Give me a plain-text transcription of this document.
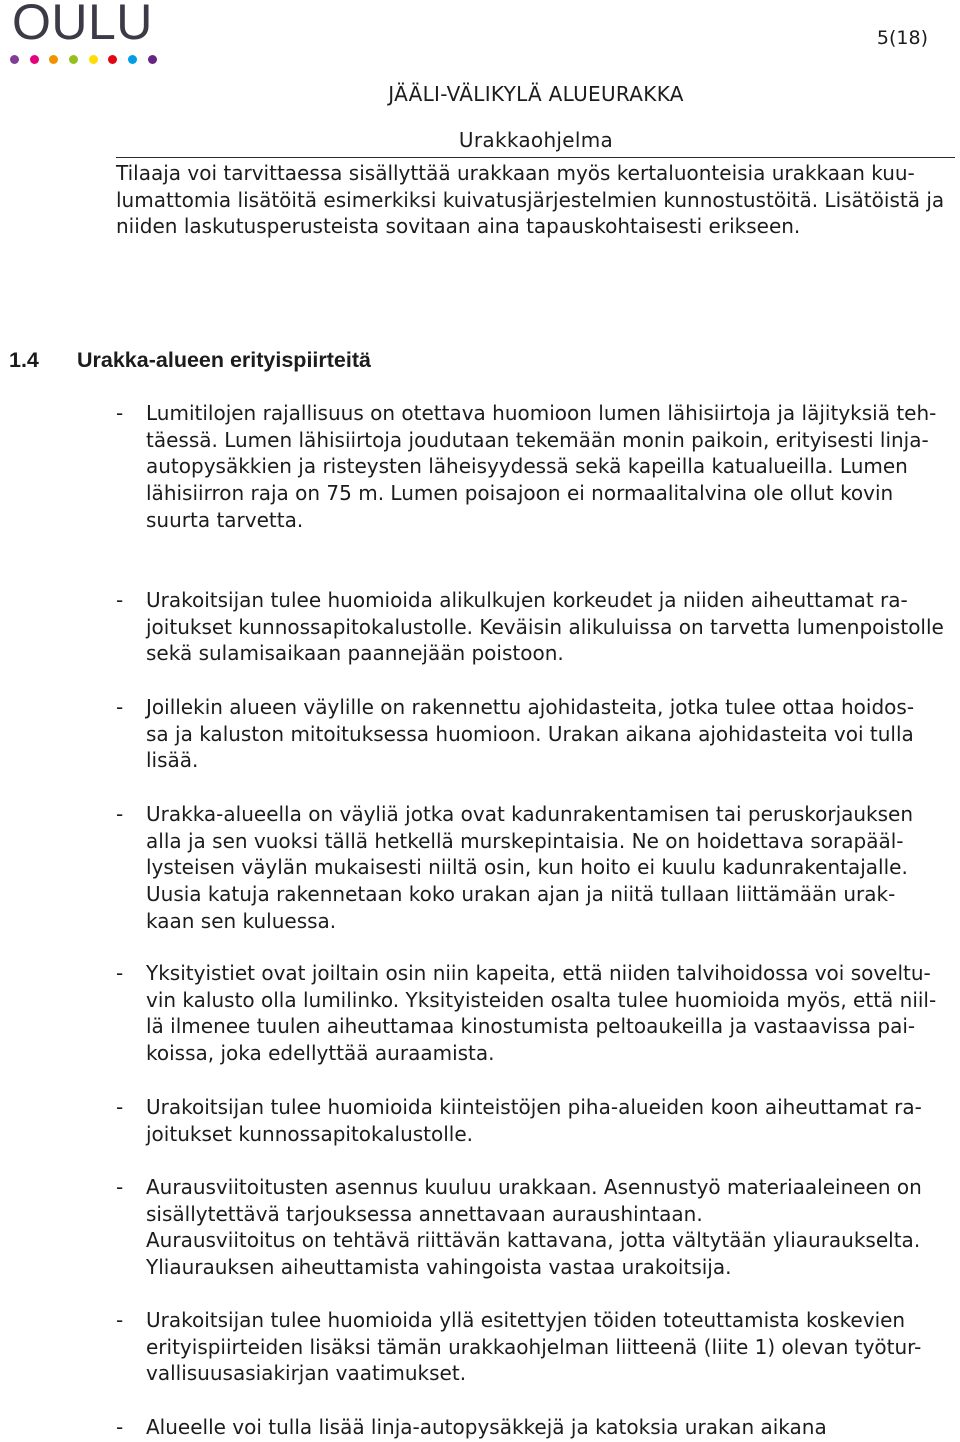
OULU	5(18)
JÄÄLI-VÄLIKYLÄ ALUEURAKKA
Urakkaohjelma
Tilaaja voi tarvittaessa sisällyttää urakkaan myös kertaluonteisia urakkaan kuu-
lumattomia lisätöitä esimerkiksi kuivatusjärjestelmien kunnostustöitä. Lisätöistä ja
niiden laskutusperusteista sovitaan aina tapauskohtaisesti erikseen.
1.4 Urakka-alueen erityispiirteitä
- Lumitilojen rajallisuus on otettava huomioon lumen lähisiirtoja ja läjityksiä teh-
täessä. Lumen lähisiirtoja joudutaan tekemään monin paikoin, erityisesti linja-
autopysäkkien ja risteysten läheisyydessä sekä kapeilla katualueilla. Lumen
lähisiirron raja on 75 m. Lumen poisajoon ei normaalitalvina ole ollut kovin
suurta tarvetta.
- Urakoitsijan tulee huomioida alikulkujen korkeudet ja niiden aiheuttamat ra-
joitukset kunnossapitokalustolle. Keväisin alikuluissa on tarvetta lumenpoistolle
sekä sulamisaikaan paannejään poistoon.
- Joillekin alueen väylille on rakennettu ajohidasteita, jotka tulee ottaa hoidos-
sa ja kaluston mitoituksessa huomioon. Urakan aikana ajohidasteita voi tulla
lisää.
- Urakka-alueella on väyliä jotka ovat kadunrakentamisen tai peruskorjauksen
alla ja sen vuoksi tällä hetkellä murskepintaisia. Ne on hoidettava sorapääl-
lysteisen väylän mukaisesti niiltä osin, kun hoito ei kuulu kadunrakentajalle.
Uusia katuja rakennetaan koko urakan ajan ja niitä tullaan liittämään urak-
kaan sen kuluessa.
- Yksityistiet ovat joiltain osin niin kapeita, että niiden talvihoidossa voi soveltu-
vin kalusto olla lumilinko. Yksityisteiden osalta tulee huomioida myös, että niil-
lä ilmenee tuulen aiheuttamaa kinostumista peltoaukeilla ja vastaavissa pai-
koissa, joka edellyttää auraamista.
- Urakoitsijan tulee huomioida kiinteistöjen piha-alueiden koon aiheuttamat ra-
joitukset kunnossapitokalustolle.
- Aurausviitoitusten asennus kuuluu urakkaan. Asennustyö materiaaleineen on
sisällytettävä tarjouksessa annettavaan auraushintaan.
Aurausviitoitus on tehtävä riittävän kattavana, jotta vältytään yliauraukselta.
Yliaurauksen aiheuttamista vahingoista vastaa urakoitsija.
- Urakoitsijan tulee huomioida yllä esitettyjen töiden toteuttamista koskevien
erityispiirteiden lisäksi tämän urakkaohjelman liitteenä (liite 1) olevan työtur-
vallisuusasiakirjan vaatimukset.
- Alueelle voi tulla lisää linja-autopysäkkejä ja katoksia urakan aikana
